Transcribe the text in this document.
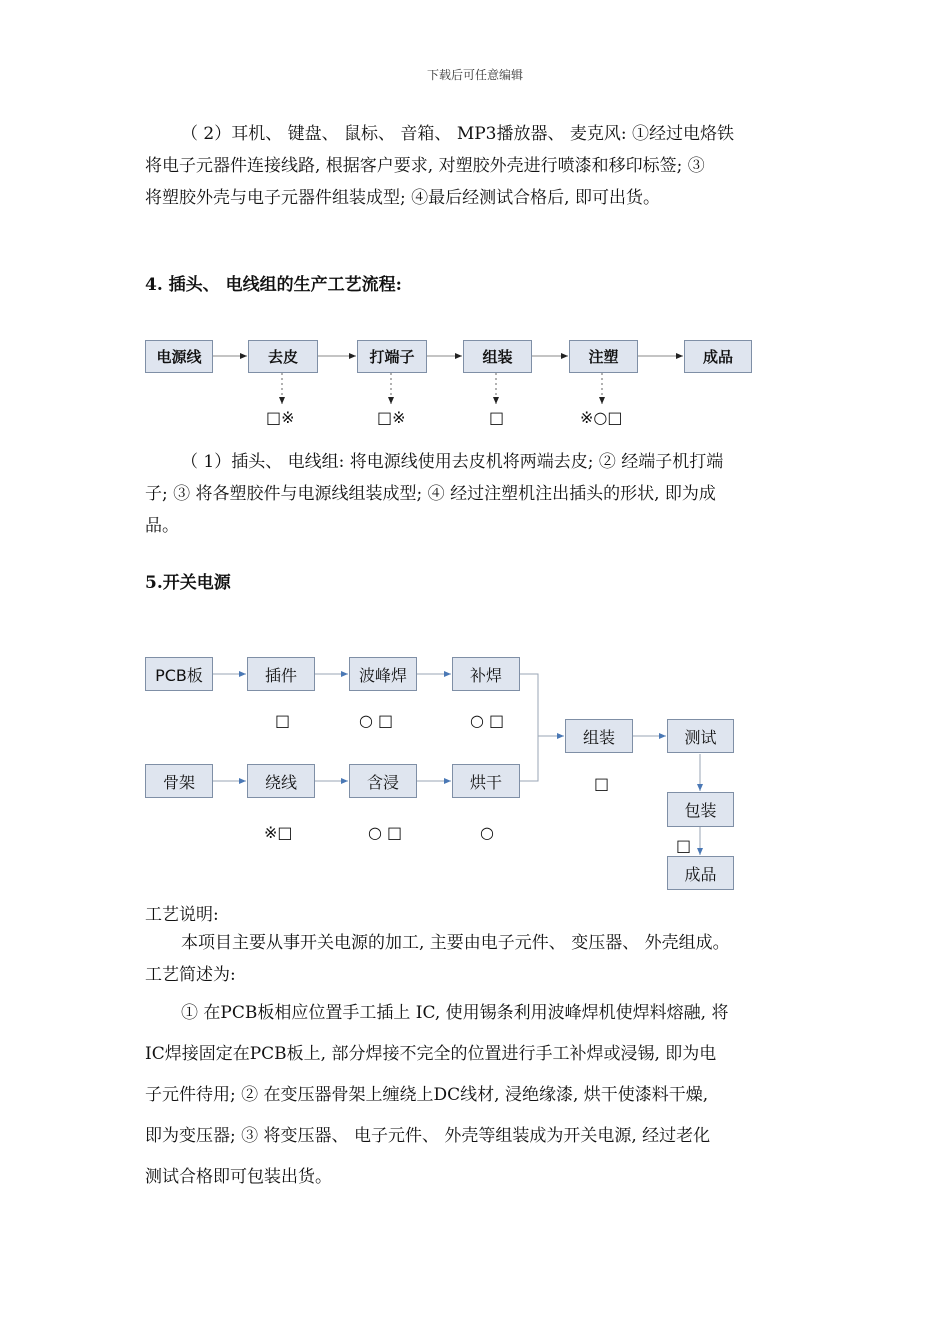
下载后可任意编辑
（ 2）耳机、 键盘、 鼠标、 音箱、 MP3播放器、 麦克风: ①经过电烙铁
将电子元器件连接线路, 根据客户要求, 对塑胶外壳进行喷漆和移印标签; ③
将塑胶外壳与电子元器件组装成型; ④最后经测试合格后, 即可出货。
4. 插头、 电线组的生产工艺流程:
电源线	去皮	打端子	组装	注塑	成品
□※	□※	□	※○□
（ 1）插头、 电线组: 将电源线使用去皮机将两端去皮; ② 经端子机打端
子; ③ 将各塑胶件与电源线组装成型; ④ 经过注塑机注出插头的形状, 即为成
品。
5.开关电源
PCB板	插件	波峰焊	补焊
骨架	绕线	含浸	烘干
组装	测试
包装
成品
□	○ □	○ □
□
※□	○ □	○
□
工艺说明:
本项目主要从事开关电源的加工, 主要由电子元件、 变压器、 外壳组成。
工艺简述为:
① 在PCB板相应位置手工插上 IC, 使用锡条利用波峰焊机使焊料熔融, 将
IC焊接固定在PCB板上, 部分焊接不完全的位置进行手工补焊或浸锡, 即为电
子元件待用; ② 在变压器骨架上缠绕上DC线材, 浸绝缘漆, 烘干使漆料干燥,
即为变压器; ③ 将变压器、 电子元件、 外壳等组装成为开关电源, 经过老化
测试合格即可包装出货。
